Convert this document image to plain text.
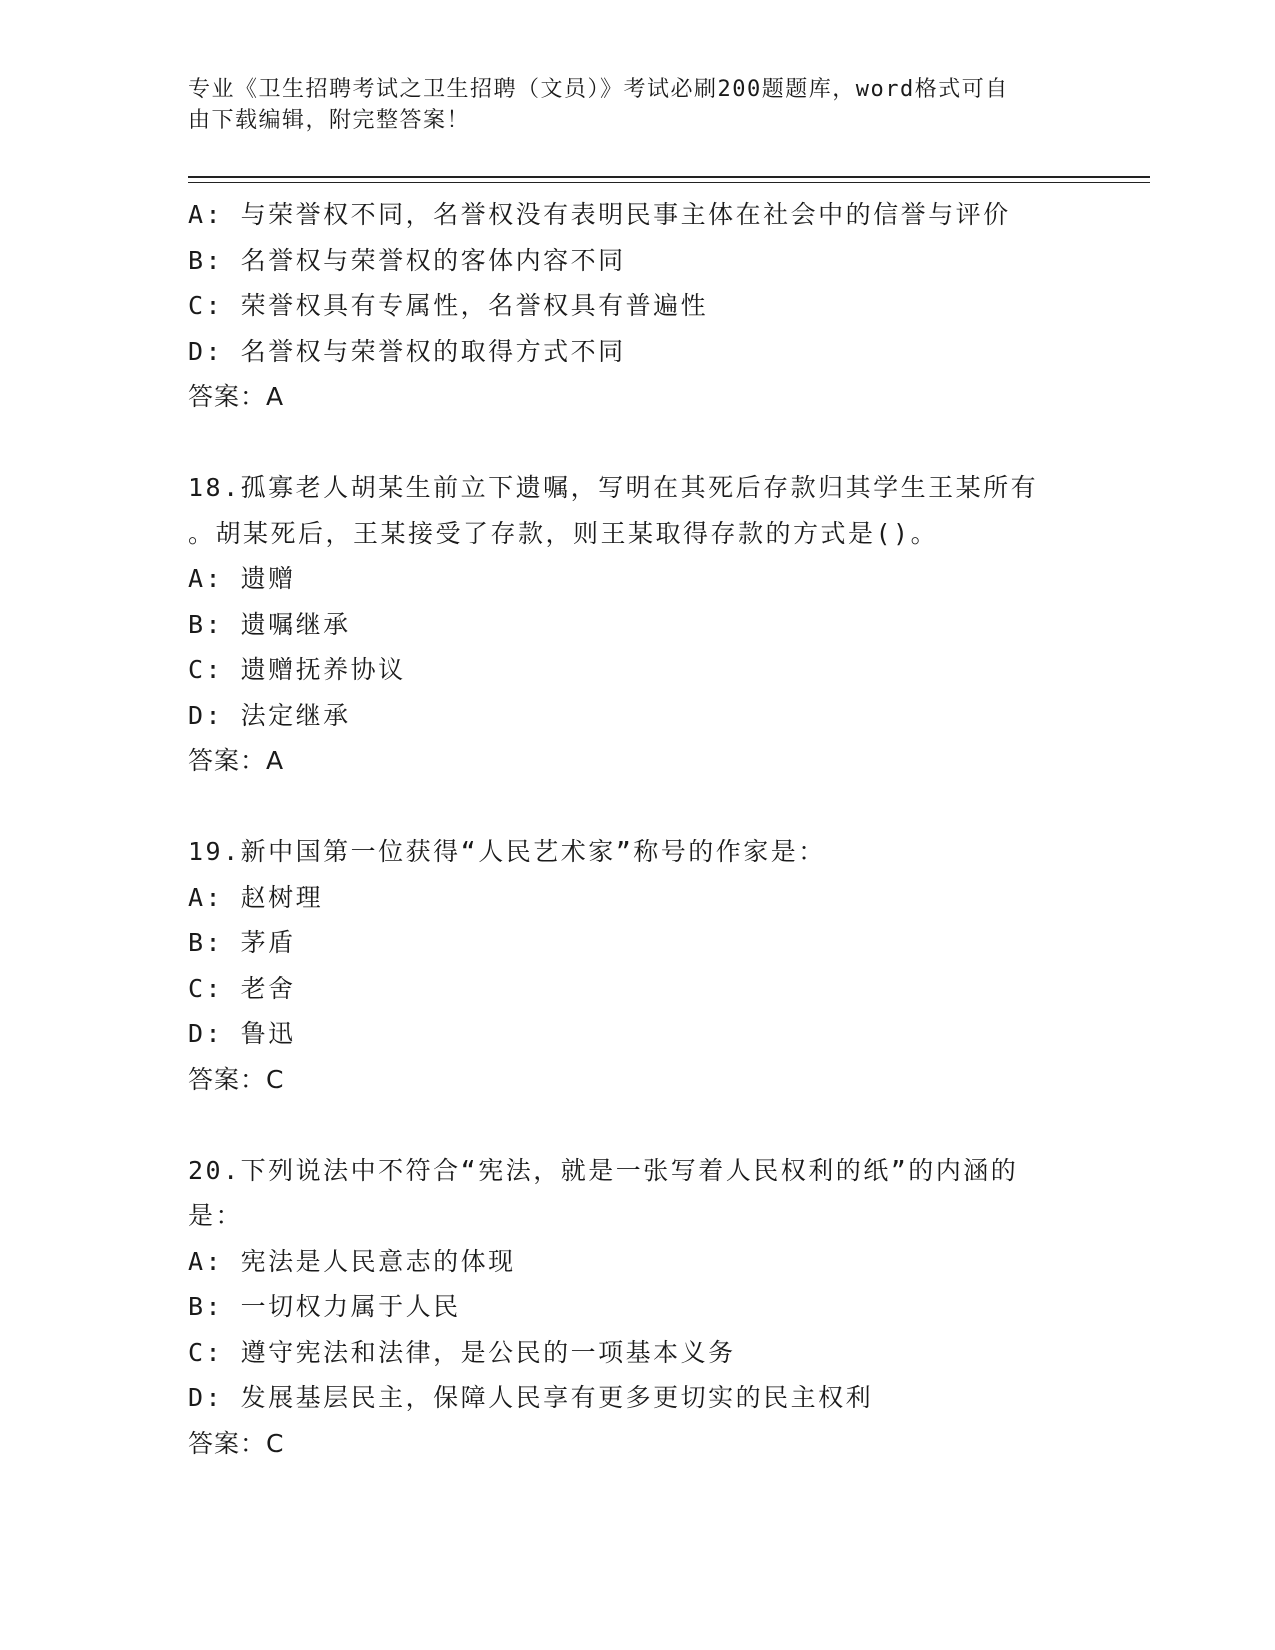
专业《卫生招聘考试之卫生招聘（文员）》考试必刷200题题库，word格式可自
由下载编辑，附完整答案！
A: 与荣誉权不同，名誉权没有表明民事主体在社会中的信誉与评价
B: 名誉权与荣誉权的客体内容不同
C: 荣誉权具有专属性，名誉权具有普遍性
D: 名誉权与荣誉权的取得方式不同
答案：A
18.孤寡老人胡某生前立下遗嘱，写明在其死后存款归其学生王某所有
。胡某死后，王某接受了存款，则王某取得存款的方式是()。
A: 遗赠
B: 遗嘱继承
C: 遗赠抚养协议
D: 法定继承
答案：A
19.新中国第一位获得“人民艺术家”称号的作家是：
A: 赵树理
B: 茅盾
C: 老舍
D: 鲁迅
答案：C
20.下列说法中不符合“宪法，就是一张写着人民权利的纸”的内涵的
是：
A: 宪法是人民意志的体现
B: 一切权力属于人民
C: 遵守宪法和法律，是公民的一项基本义务
D: 发展基层民主，保障人民享有更多更切实的民主权利
答案：C
